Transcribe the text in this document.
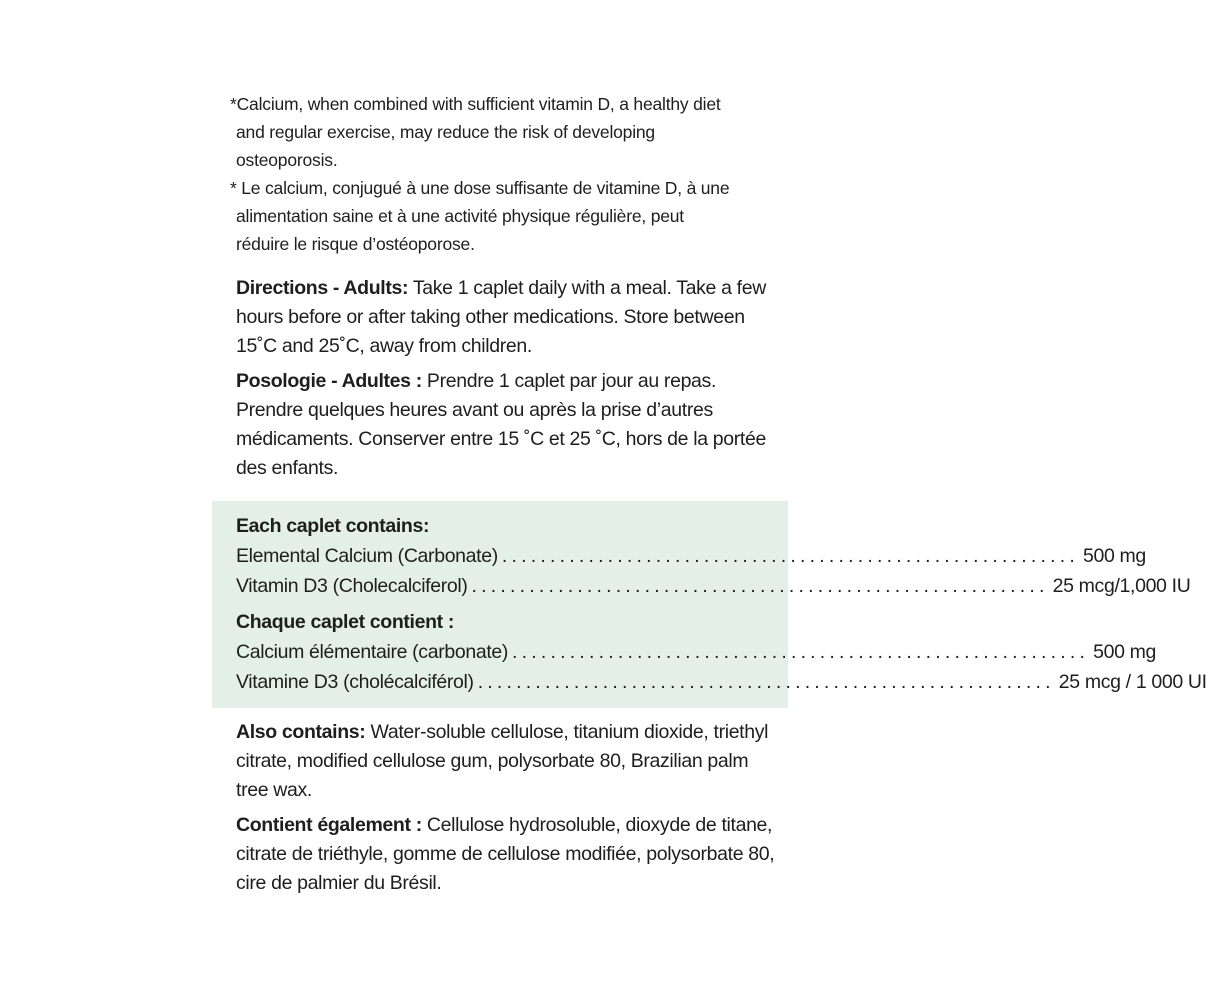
*Calcium, when combined with sufficient vitamin D, a healthy diet

and regular exercise, may reduce the risk of developing
osteoporosis.

* Le calcium, conjugué à une dose suffisante de vitamine D, à une

alimentation saine et à une activité physique régulière, peut
réduire le risque d’ostéoporose.

Directions - Adults: Take 1 caplet daily with a meal. Take a few hours before or after taking other medications. Store between 15˚C and 25˚C, away from children.

Posologie - Adultes : Prendre 1 caplet par jour au repas. Prendre quelques heures avant ou après la prise d’autres médicaments. Conserver entre 15 ˚C et 25 ˚C, hors de la portée des enfants.

Each caplet contains:

Elemental Calcium (Carbonate) ............................................................ 500 mg
Vitamin D3 (Cholecalciferol) ............................................................ 25 mcg/1,000 IU

Chaque caplet contient :

Calcium élémentaire (carbonate) ............................................................ 500 mg
Vitamine D3 (cholécalciférol) ............................................................ 25 mcg / 1 000 UI

Also contains: Water-soluble cellulose, titanium dioxide, triethyl citrate, modified cellulose gum, polysorbate 80, Brazilian palm tree wax.

Contient également : Cellulose hydrosoluble, dioxyde de titane, citrate de triéthyle, gomme de cellulose modifiée, polysorbate 80, cire de palmier du Brésil.
